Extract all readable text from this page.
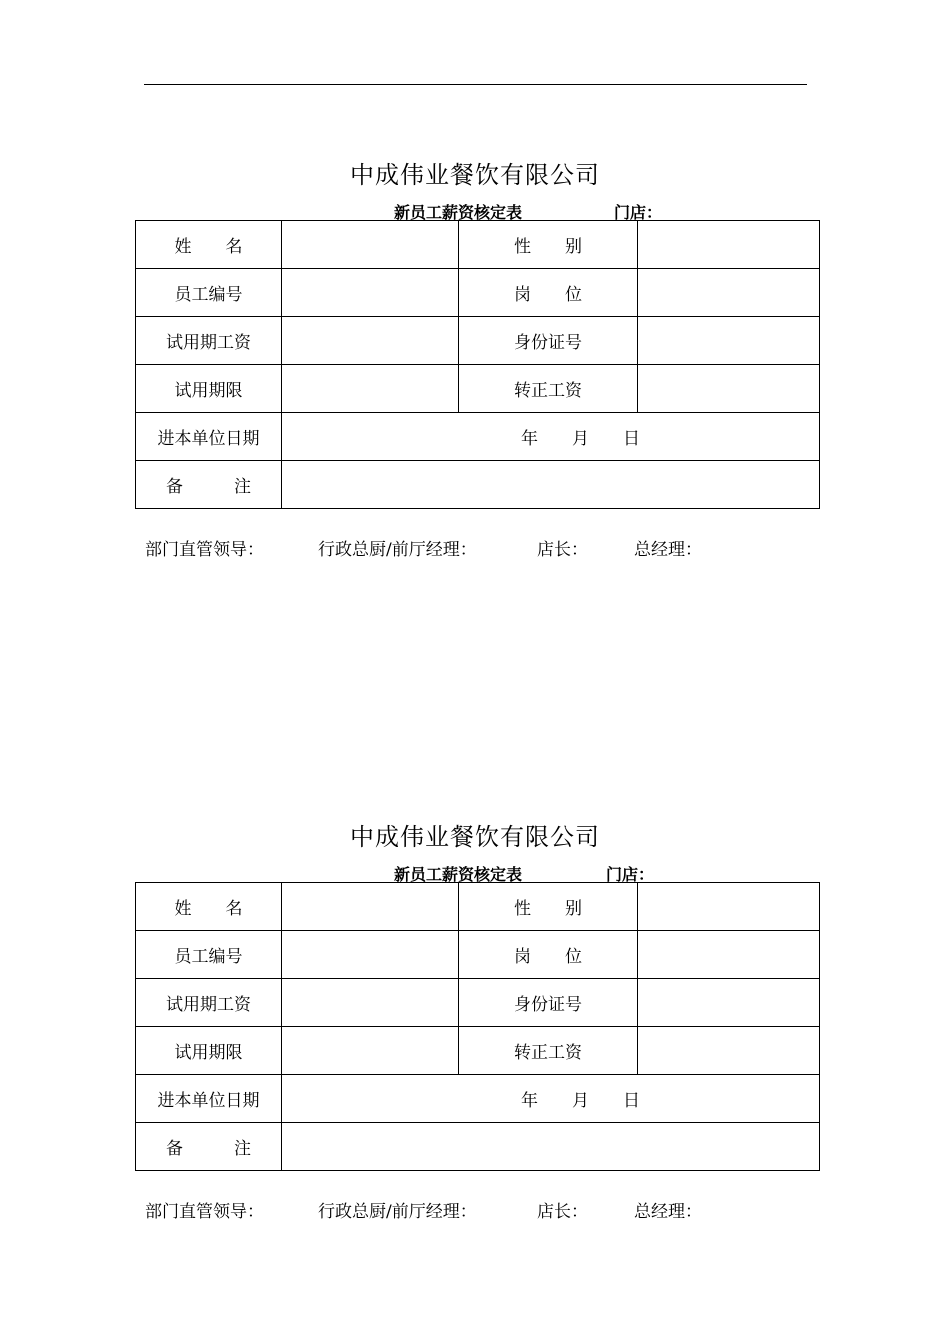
中成伟业餐饮有限公司
新员工薪资核定表	门店：
姓　　名		性　　别	
员工编号		岗　　位	
试用期工资		身份证号	
试用期限		转正工资	
进本单位日期	年　　月　　日		
备　　　注			
部门直管领导：	行政总厨/前厅经理：	店长：	总经理：
中成伟业餐饮有限公司
新员工薪资核定表	门店：
姓　　名		性　　别	
员工编号		岗　　位	
试用期工资		身份证号	
试用期限		转正工资	
进本单位日期	年　　月　　日		
备　　　注			
部门直管领导：	行政总厨/前厅经理：	店长：	总经理：
